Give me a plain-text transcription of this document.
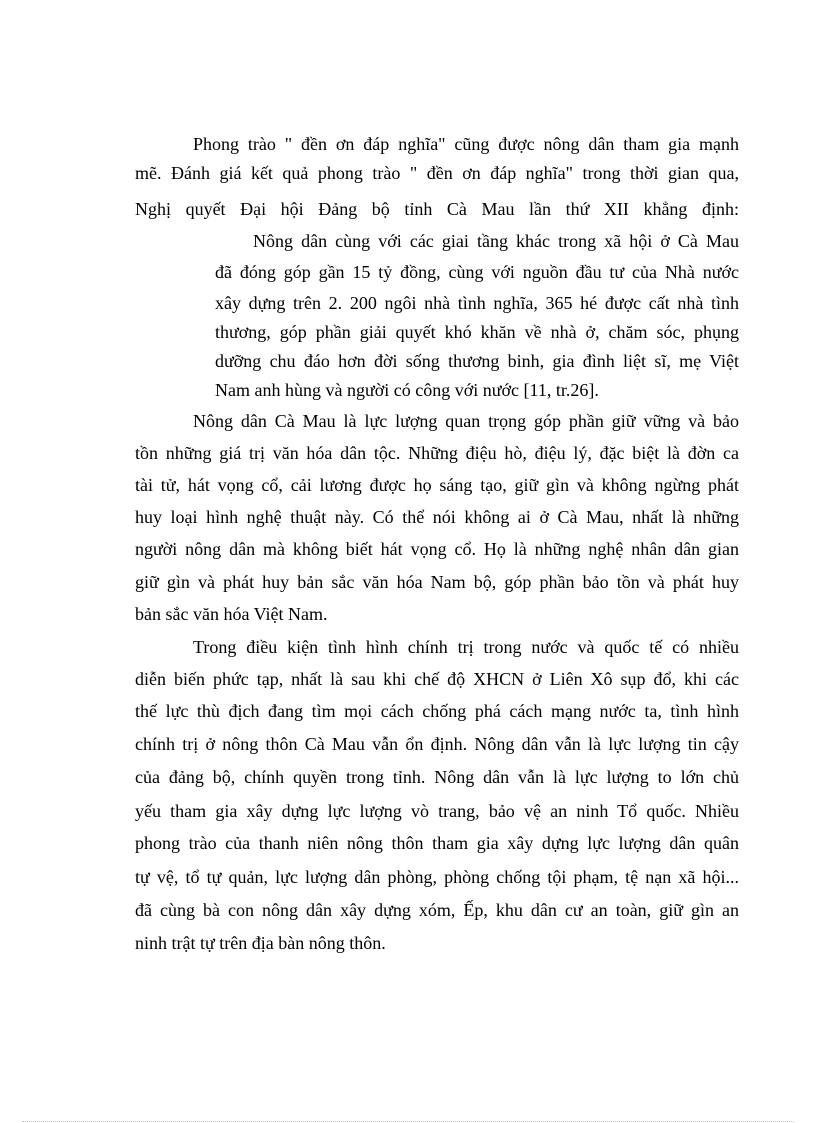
Phong trào " đền ơn đáp nghĩa" cũng được nông dân tham gia mạnh
mẽ. Đánh giá kết quả phong trào " đền ơn đáp nghĩa" trong thời gian qua,
Nghị quyết Đại hội Đảng bộ tỉnh Cà Mau lần thứ XII khẳng định:
Nông dân cùng với các giai tầng khác trong xã hội ở Cà Mau
đã đóng góp gần 15 tỷ đồng, cùng với nguồn đầu tư của Nhà nước
xây dựng trên 2. 200 ngôi nhà tình nghĩa, 365 hé được cất nhà tình
thương, góp phần giải quyết khó khăn về nhà ở, chăm sóc, phụng
dưỡng chu đáo hơn đời sống thương binh, gia đình liệt sĩ, mẹ Việt
Nam anh hùng và người có công với nước [11, tr.26].
Nông dân Cà Mau là lực lượng quan trọng góp phần giữ vững và bảo
tồn những giá trị văn hóa dân tộc. Những điệu hò, điệu lý, đặc biệt là đờn ca
tài tử, hát vọng cổ, cải lương được họ sáng tạo, giữ gìn và không ngừng phát
huy loại hình nghệ thuật này. Có thể nói không ai ở Cà Mau, nhất là những
người nông dân mà không biết hát vọng cổ. Họ là những nghệ nhân dân gian
giữ gìn và phát huy bản sắc văn hóa Nam bộ, góp phần bảo tồn và phát huy
bản sắc văn hóa Việt Nam.
Trong điều kiện tình hình chính trị trong nước và quốc tế có nhiều
diễn biến phức tạp, nhất là sau khi chế độ XHCN ở Liên Xô sụp đổ, khi các
thế lực thù địch đang tìm mọi cách chống phá cách mạng nước ta, tình hình
chính trị ở nông thôn Cà Mau vẫn ổn định. Nông dân vẫn là lực lượng tin cậy
của đảng bộ, chính quyền trong tỉnh. Nông dân vẫn là lực lượng to lớn chủ
yếu tham gia xây dựng lực lượng vò trang, bảo vệ an ninh Tổ quốc. Nhiều
phong trào của thanh niên nông thôn tham gia xây dựng lực lượng dân quân
tự vệ, tổ tự quản, lực lượng dân phòng, phòng chống tội phạm, tệ nạn xã hội...
đã cùng bà con nông dân xây dựng xóm, Ếp, khu dân cư an toàn, giữ gìn an
ninh trật tự trên địa bàn nông thôn.
